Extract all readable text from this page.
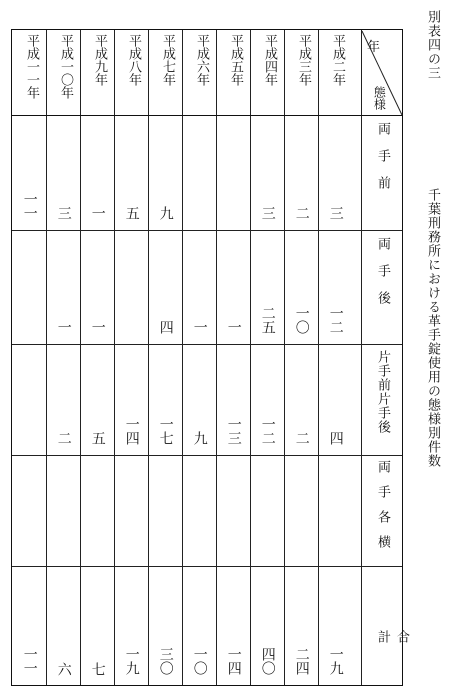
別表四の三
千葉刑務所における革手錠使用の態様別件数
年
態様
平成二年
平成三年
平成四年
平成五年
平成六年
平成七年
平成八年
平成九年
平成一〇年
平成一一年
両手前
両手後
片手前片手後
両手各横
合計
三
二
三
九
五
一
三
一一
一二
一〇
二五
一
一
四
一
一
四
二
一二
一三
九
一七
一四
五
二
一九
二四
四〇
一四
一〇
三〇
一九
七
六
一一
